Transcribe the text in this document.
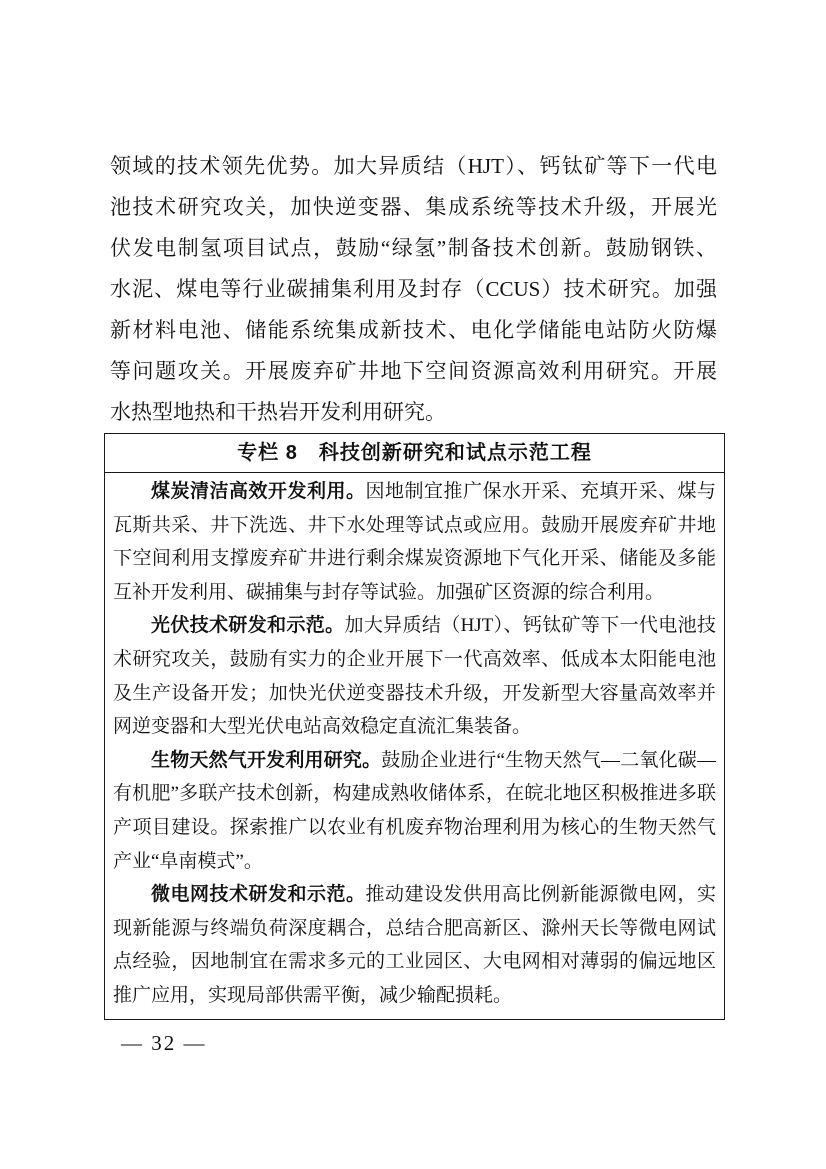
领域的技术领先优势。加大异质结（HJT）、钙钛矿等下一代电
池技术研究攻关，加快逆变器、集成系统等技术升级，开展光
伏发电制氢项目试点，鼓励“绿氢”制备技术创新。鼓励钢铁、
水泥、煤电等行业碳捕集利用及封存（CCUS）技术研究。加强
新材料电池、储能系统集成新技术、电化学储能电站防火防爆
等问题攻关。开展废弃矿井地下空间资源高效利用研究。开展
水热型地热和干热岩开发利用研究。
专栏 8　科技创新研究和试点示范工程

煤炭清洁高效开发利用。因地制宜推广保水开采、充填开采、煤与瓦斯共采、井下洗选、井下水处理等试点或应用。鼓励开展废弃矿井地下空间利用支撑废弃矿井进行剩余煤炭资源地下气化开采、储能及多能互补开发利用、碳捕集与封存等试验。加强矿区资源的综合利用。

光伏技术研发和示范。加大异质结（HJT）、钙钛矿等下一代电池技术研究攻关，鼓励有实力的企业开展下一代高效率、低成本太阳能电池及生产设备开发；加快光伏逆变器技术升级，开发新型大容量高效率并网逆变器和大型光伏电站高效稳定直流汇集装备。

生物天然气开发利用研究。鼓励企业进行“生物天然气—二氧化碳—有机肥”多联产技术创新，构建成熟收储体系，在皖北地区积极推进多联产项目建设。探索推广以农业有机废弃物治理利用为核心的生物天然气产业“阜南模式”。

微电网技术研发和示范。推动建设发供用高比例新能源微电网，实现新能源与终端负荷深度耦合，总结合肥高新区、滁州天长等微电网试点经验，因地制宜在需求多元的工业园区、大电网相对薄弱的偏远地区推广应用，实现局部供需平衡，减少输配损耗。

— 32 —
